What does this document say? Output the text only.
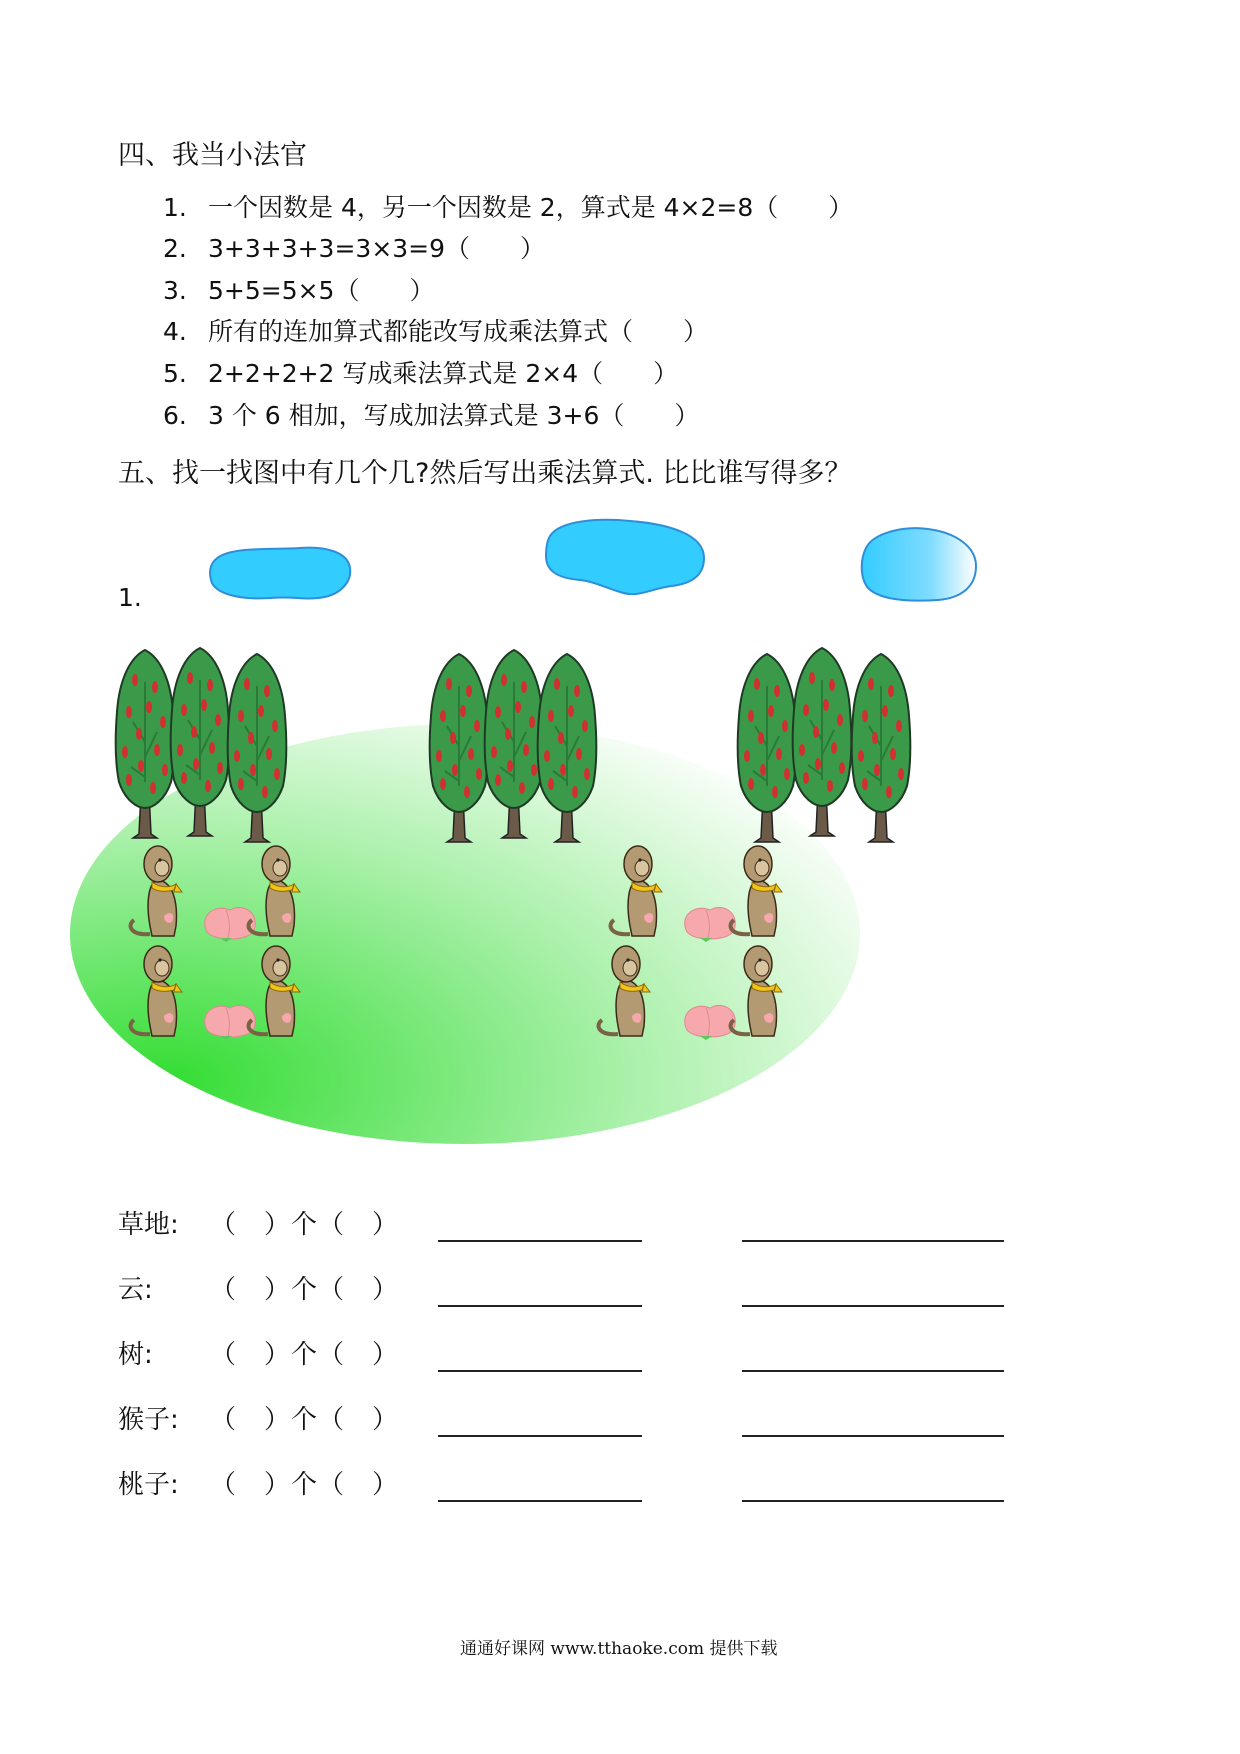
四、我当小法官
1. 一个因数是 4，另一个因数是 2，算式是 4×2=8（　　）
2. 3+3+3+3=3×3=9（　　）
3. 5+5=5×5（　　）
4. 所有的连加算式都能改写成乘法算式（　　）
5. 2+2+2+2 写成乘法算式是 2×4（　　）
6. 3 个 6 相加，写成加法算式是 3+6（　　）
五、找一找图中有几个几?然后写出乘法算式. 比比谁写得多？
1.
草地: （　）个（　）
云: （　）个（　）
树: （　）个（　）
猴子: （　）个（　）
桃子: （　）个（　）
通通好课网 www.tthaoke.com 提供下载
